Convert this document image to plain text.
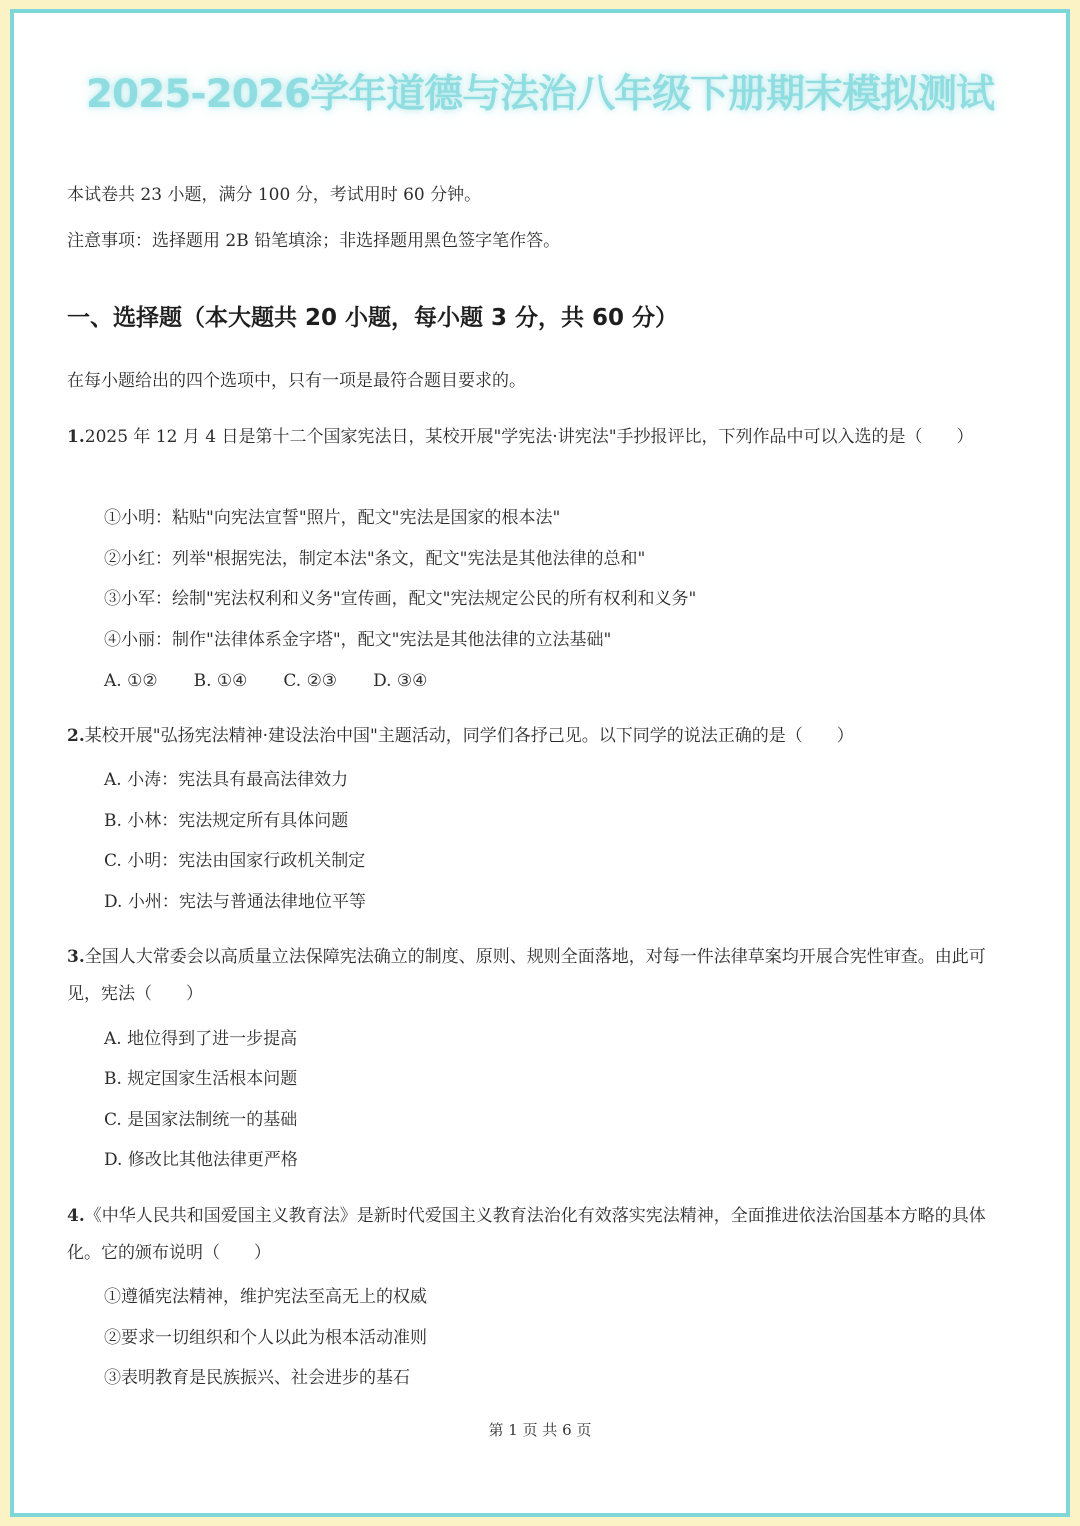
2025-2026学年道德与法治八年级下册期末模拟测试
本试卷共 23 小题，满分 100 分，考试用时 60 分钟。
注意事项：选择题用 2B 铅笔填涂；非选择题用黑色签字笔作答。
一、选择题（本大题共 20 小题，每小题 3 分，共 60 分）
在每小题给出的四个选项中，只有一项是最符合题目要求的。
1.2025 年 12 月 4 日是第十二个国家宪法日，某校开展"学宪法·讲宪法"手抄报评比，下列作品中可以入选的是（　　）
①小明：粘贴"向宪法宣誓"照片，配文"宪法是国家的根本法"
②小红：列举"根据宪法，制定本法"条文，配文"宪法是其他法律的总和"
③小军：绘制"宪法权利和义务"宣传画，配文"宪法规定公民的所有权利和义务"
④小丽：制作"法律体系金字塔"，配文"宪法是其他法律的立法基础"
A. ①② B. ①④ C. ②③ D. ③④
2.某校开展"弘扬宪法精神·建设法治中国"主题活动，同学们各抒己见。以下同学的说法正确的是（　　）
A. 小涛：宪法具有最高法律效力
B. 小林：宪法规定所有具体问题
C. 小明：宪法由国家行政机关制定
D. 小州：宪法与普通法律地位平等
3.全国人大常委会以高质量立法保障宪法确立的制度、原则、规则全面落地，对每一件法律草案均开展合宪性审查。由此可见，宪法（　　）
A. 地位得到了进一步提高
B. 规定国家生活根本问题
C. 是国家法制统一的基础
D. 修改比其他法律更严格
4.《中华人民共和国爱国主义教育法》是新时代爱国主义教育法治化有效落实宪法精神，全面推进依法治国基本方略的具体化。它的颁布说明（　　）
①遵循宪法精神，维护宪法至高无上的权威
②要求一切组织和个人以此为根本活动准则
③表明教育是民族振兴、社会进步的基石
第 1 页 共 6 页
